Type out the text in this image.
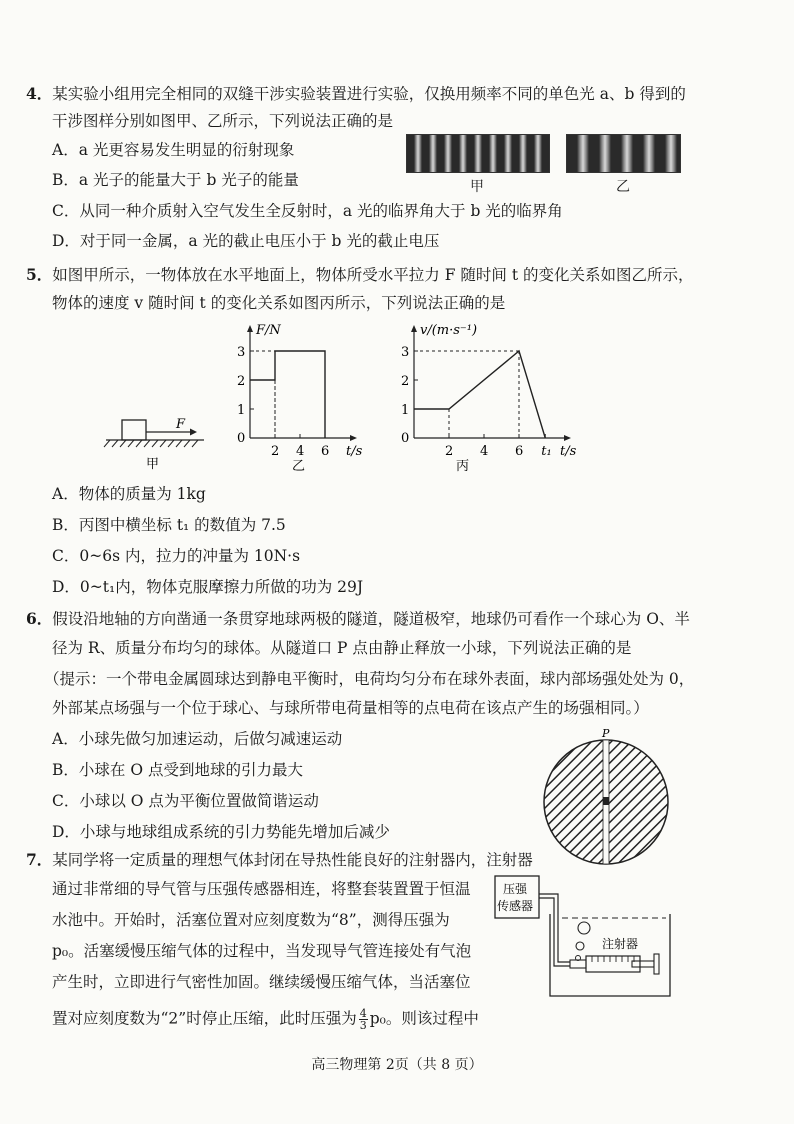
4．某实验小组用完全相同的双缝干涉实验装置进行实验，仅换用频率不同的单色光 a、b 得到的
干涉图样分别如图甲、乙所示，下列说法正确的是
A．a 光更容易发生明显的衍射现象
B．a 光子的能量大于 b 光子的能量
C．从同一种介质射入空气发生全反射时，a 光的临界角大于 b 光的临界角
D．对于同一金属，a 光的截止电压小于 b 光的截止电压
甲	乙
5．如图甲所示，一物体放在水平地面上，物体所受水平拉力 F 随时间 t 的变化关系如图乙所示，
物体的速度 v 随时间 t 的变化关系如图丙所示，下列说法正确的是
F
甲
F/N
t/s
0
1
2
3
2 4 6
乙
v/(m·s⁻¹)
t/s
0
1
2
3
2 4 6 t₁
丙
A．物体的质量为 1kg
B．丙图中横坐标 t₁ 的数值为 7.5
C．0~6s 内，拉力的冲量为 10N·s
D．0~t₁内，物体克服摩擦力所做的功为 29J
6．假设沿地轴的方向凿通一条贯穿地球两极的隧道，隧道极窄，地球仍可看作一个球心为 O、半
径为 R、质量分布均匀的球体。从隧道口 P 点由静止释放一小球，下列说法正确的是
（提示：一个带电金属圆球达到静电平衡时，电荷均匀分布在球外表面，球内部场强处处为 0，
外部某点场强与一个位于球心、与球所带电荷量相等的点电荷在该点产生的场强相同。）
A．小球先做匀加速运动，后做匀减速运动
B．小球在 O 点受到地球的引力最大
C．小球以 O 点为平衡位置做简谐运动
D．小球与地球组成系统的引力势能先增加后减少
P
7．某同学将一定质量的理想气体封闭在导热性能良好的注射器内，注射器
通过非常细的导气管与压强传感器相连，将整套装置置于恒温
水池中。开始时，活塞位置对应刻度数为“8”，测得压强为
p₀。活塞缓慢压缩气体的过程中，当发现导气管连接处有气泡
产生时，立即进行气密性加固。继续缓慢压缩气体，当活塞位
置对应刻度数为“2”时停止压缩，此时压强为 $\frac{4}{3} p_0$。则该过程中
压强
传感器
注射器
高三物理第 2页（共 8 页）
